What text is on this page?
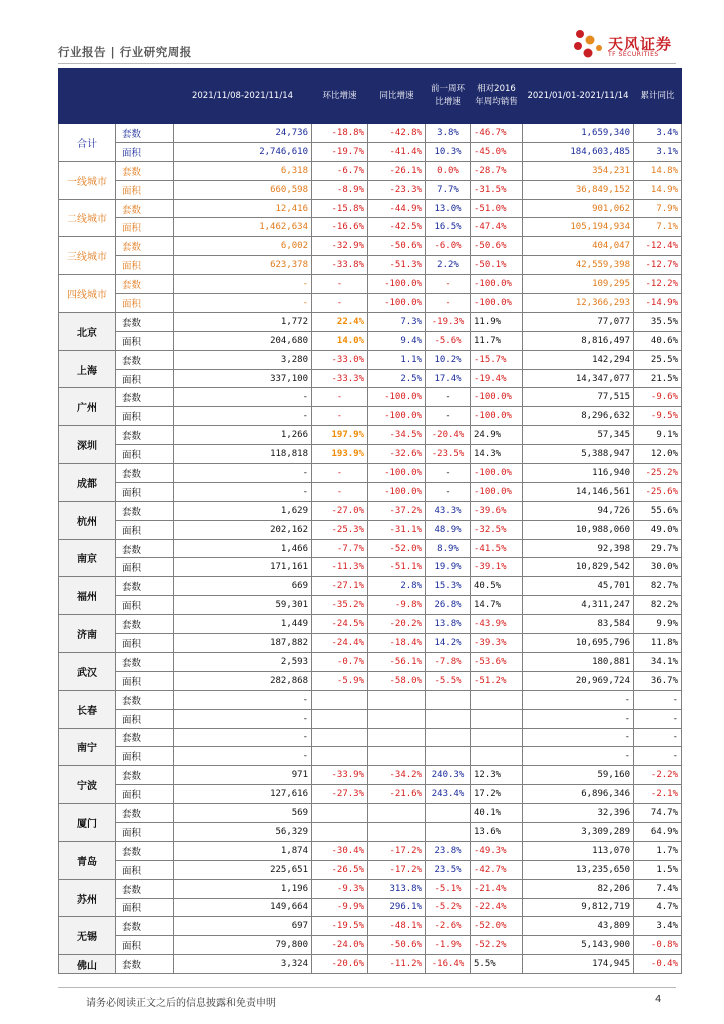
行业报告 | 行业研究周报	天风证券
TF SECURITIES
		2021/11/08-2021/11/14	环比增速	同比增速	前一周环比增速	相对2016年周均销售	2021/01/01-2021/11/14	累计同比
合计	套数	24,736	-18.8%	-42.8%	3.8%	-46.7%	1,659,340	3.4%
	面积	2,746,610	-19.7%	-41.4%	10.3%	-45.0%	184,603,485	3.1%
一线城市	套数	6,318	-6.7%	-26.1%	0.0%	-28.7%	354,231	14.8%
	面积	660,598	-8.9%	-23.3%	7.7%	-31.5%	36,849,152	14.9%
二线城市	套数	12,416	-15.8%	-44.9%	13.0%	-51.0%	901,062	7.9%
	面积	1,462,634	-16.6%	-42.5%	16.5%	-47.4%	105,194,934	7.1%
三线城市	套数	6,002	-32.9%	-50.6%	-6.0%	-50.6%	404,047	-12.4%
	面积	623,378	-33.8%	-51.3%	2.2%	-50.1%	42,559,398	-12.7%
四线城市	套数	-	-	-100.0%	-	-100.0%	109,295	-12.2%
	面积	-	-	-100.0%	-	-100.0%	12,366,293	-14.9%
北京	套数	1,772	22.4%	7.3%	-19.3%	11.9%	77,077	35.5%
	面积	204,680	14.0%	9.4%	-5.6%	11.7%	8,816,497	40.6%
上海	套数	3,280	-33.0%	1.1%	10.2%	-15.7%	142,294	25.5%
	面积	337,100	-33.3%	2.5%	17.4%	-19.4%	14,347,077	21.5%
广州	套数	-	-	-100.0%	-	-100.0%	77,515	-9.6%
	面积	-	-	-100.0%	-	-100.0%	8,296,632	-9.5%
深圳	套数	1,266	197.9%	-34.5%	-20.4%	24.9%	57,345	9.1%
	面积	118,818	193.9%	-32.6%	-23.5%	14.3%	5,388,947	12.0%
成都	套数	-	-	-100.0%	-	-100.0%	116,940	-25.2%
	面积	-	-	-100.0%	-	-100.0%	14,146,561	-25.6%
杭州	套数	1,629	-27.0%	-37.2%	43.3%	-39.6%	94,726	55.6%
	面积	202,162	-25.3%	-31.1%	48.9%	-32.5%	10,988,060	49.0%
南京	套数	1,466	-7.7%	-52.0%	8.9%	-41.5%	92,398	29.7%
	面积	171,161	-11.3%	-51.1%	19.9%	-39.1%	10,829,542	30.0%
福州	套数	669	-27.1%	2.8%	15.3%	40.5%	45,701	82.7%
	面积	59,301	-35.2%	-9.8%	26.8%	14.7%	4,311,247	82.2%
济南	套数	1,449	-24.5%	-20.2%	13.8%	-43.9%	83,584	9.9%
	面积	187,882	-24.4%	-18.4%	14.2%	-39.3%	10,695,796	11.8%
武汉	套数	2,593	-0.7%	-56.1%	-7.8%	-53.6%	180,881	34.1%
	面积	282,868	-5.9%	-58.0%	-5.5%	-51.2%	20,969,724	36.7%
长春	套数	-					-	-
	面积	-					-	-
南宁	套数	-					-	-
	面积	-					-	-
宁波	套数	971	-33.9%	-34.2%	240.3%	12.3%	59,160	-2.2%
	面积	127,616	-27.3%	-21.6%	243.4%	17.2%	6,896,346	-2.1%
厦门	套数	569				40.1%	32,396	74.7%
	面积	56,329				13.6%	3,309,289	64.9%
青岛	套数	1,874	-30.4%	-17.2%	23.8%	-49.3%	113,070	1.7%
	面积	225,651	-26.5%	-17.2%	23.5%	-42.7%	13,235,650	1.5%
苏州	套数	1,196	-9.3%	313.8%	-5.1%	-21.4%	82,206	7.4%
	面积	149,664	-9.9%	296.1%	-5.2%	-22.4%	9,812,719	4.7%
无锡	套数	697	-19.5%	-48.1%	-2.6%	-52.0%	43,809	3.4%
	面积	79,800	-24.0%	-50.6%	-1.9%	-52.2%	5,143,900	-0.8%
佛山	套数	3,324	-20.6%	-11.2%	-16.4%	5.5%	174,945	-0.4%
请务必阅读正文之后的信息披露和免责申明	4
